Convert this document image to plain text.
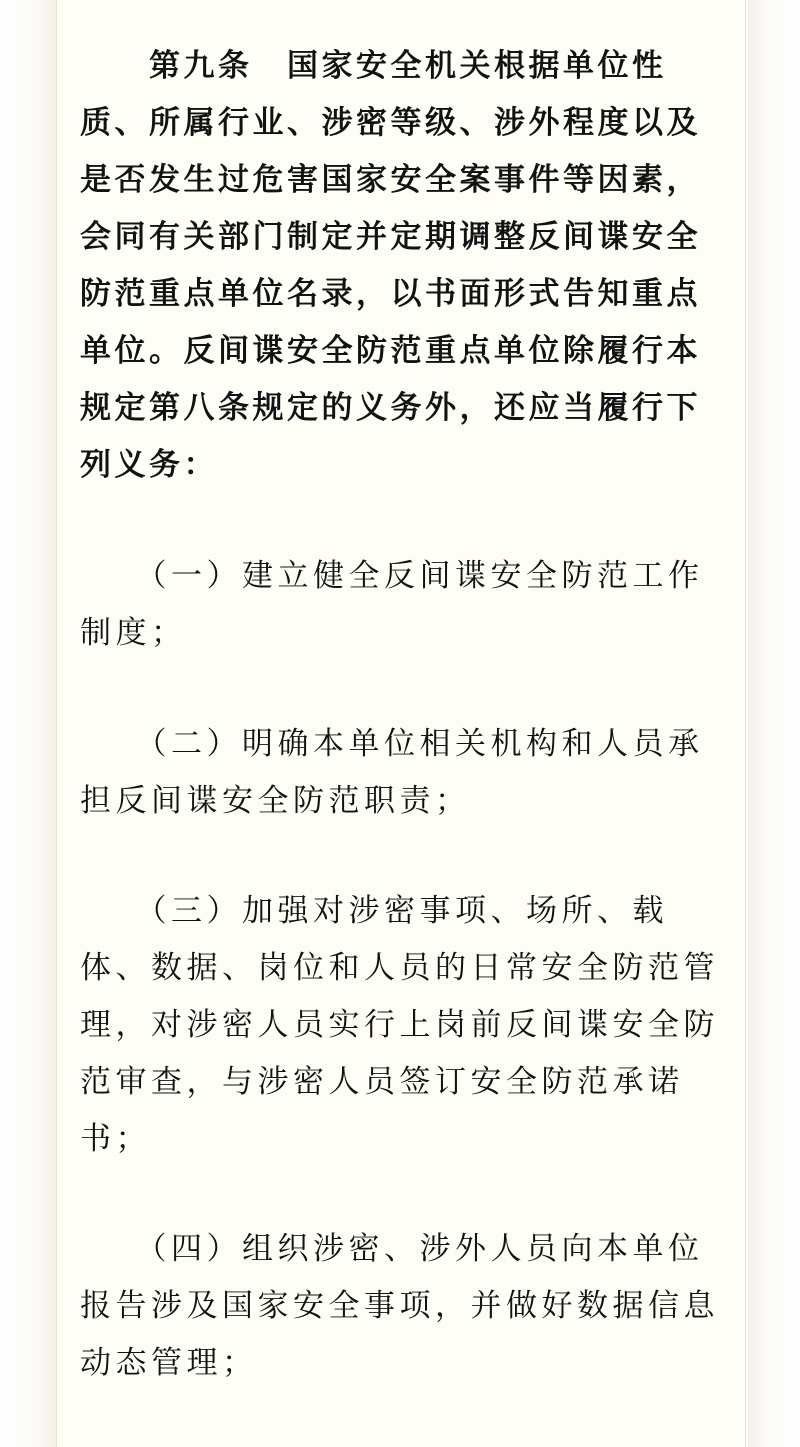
　　第九条　国家安全机关根据单位性
质、所属行业、涉密等级、涉外程度以及
是否发生过危害国家安全案事件等因素，
会同有关部门制定并定期调整反间谍安全
防范重点单位名录，以书面形式告知重点
单位。反间谍安全防范重点单位除履行本
规定第八条规定的义务外，还应当履行下
列义务：
　　（一）建立健全反间谍安全防范工作
制度；
　　（二）明确本单位相关机构和人员承
担反间谍安全防范职责；
　　（三）加强对涉密事项、场所、载
体、数据、岗位和人员的日常安全防范管
理，对涉密人员实行上岗前反间谍安全防
范审查，与涉密人员签订安全防范承诺
书；
　　（四）组织涉密、涉外人员向本单位
报告涉及国家安全事项，并做好数据信息
动态管理；
